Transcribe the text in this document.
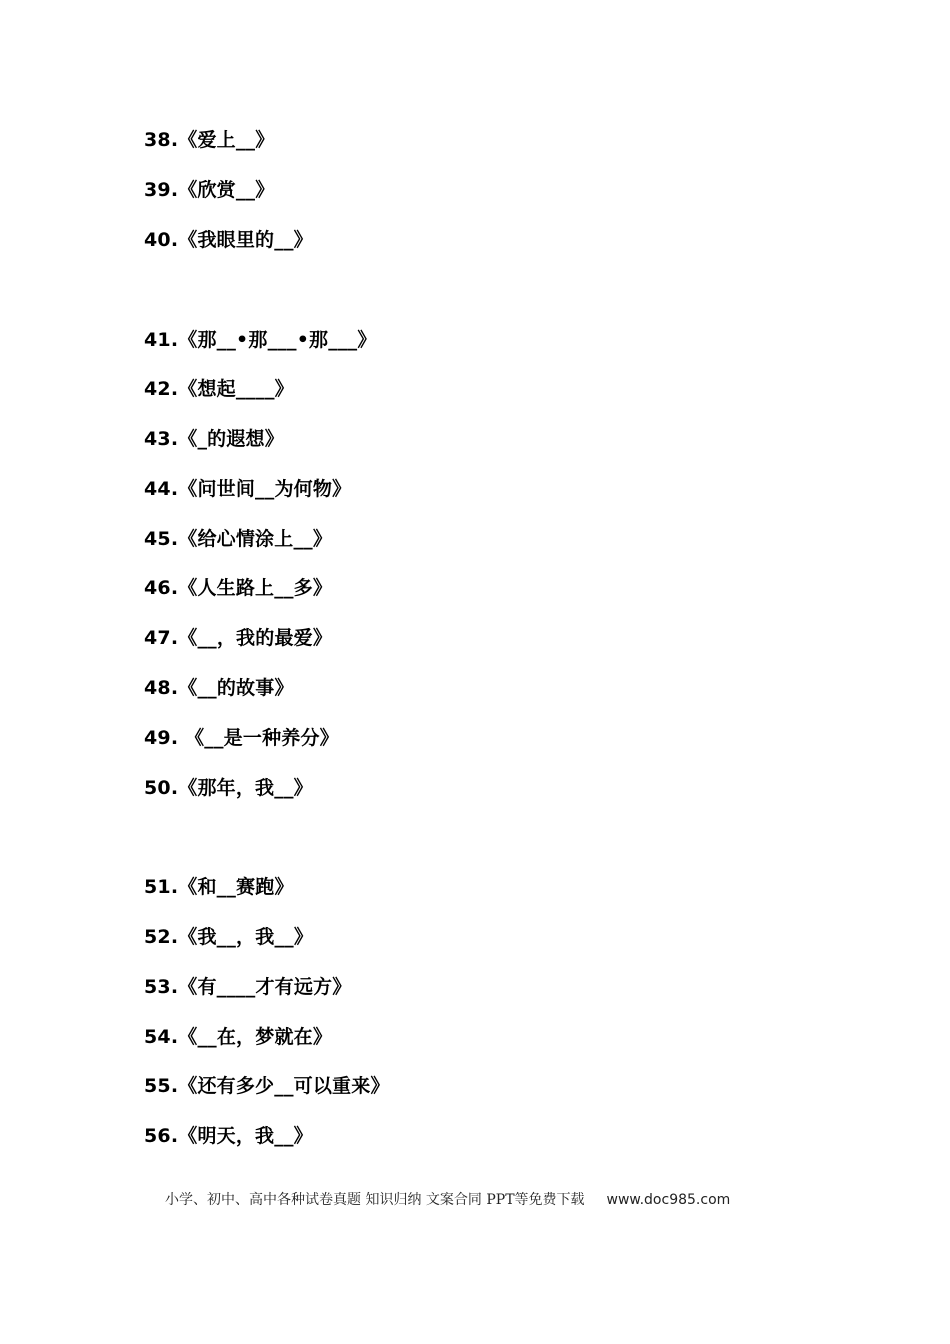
38.《爱上__》
39.《欣赏__》
40.《我眼里的__》
41.《那__•那___•那___》
42.《想起____》
43.《_的遐想》
44.《问世间__为何物》
45.《给心情涂上__》
46.《人生路上__多》
47.《__，我的最爱》
48.《__的故事》
49. 《__是一种养分》
50.《那年，我__》
51.《和__赛跑》
52.《我__，我__》
53.《有____才有远方》
54.《__在，梦就在》
55.《还有多少__可以重来》
56.《明天，我__》
小学、初中、高中各种试卷真题 知识归纳 文案合同 PPT等免费下载 www.doc985.com
